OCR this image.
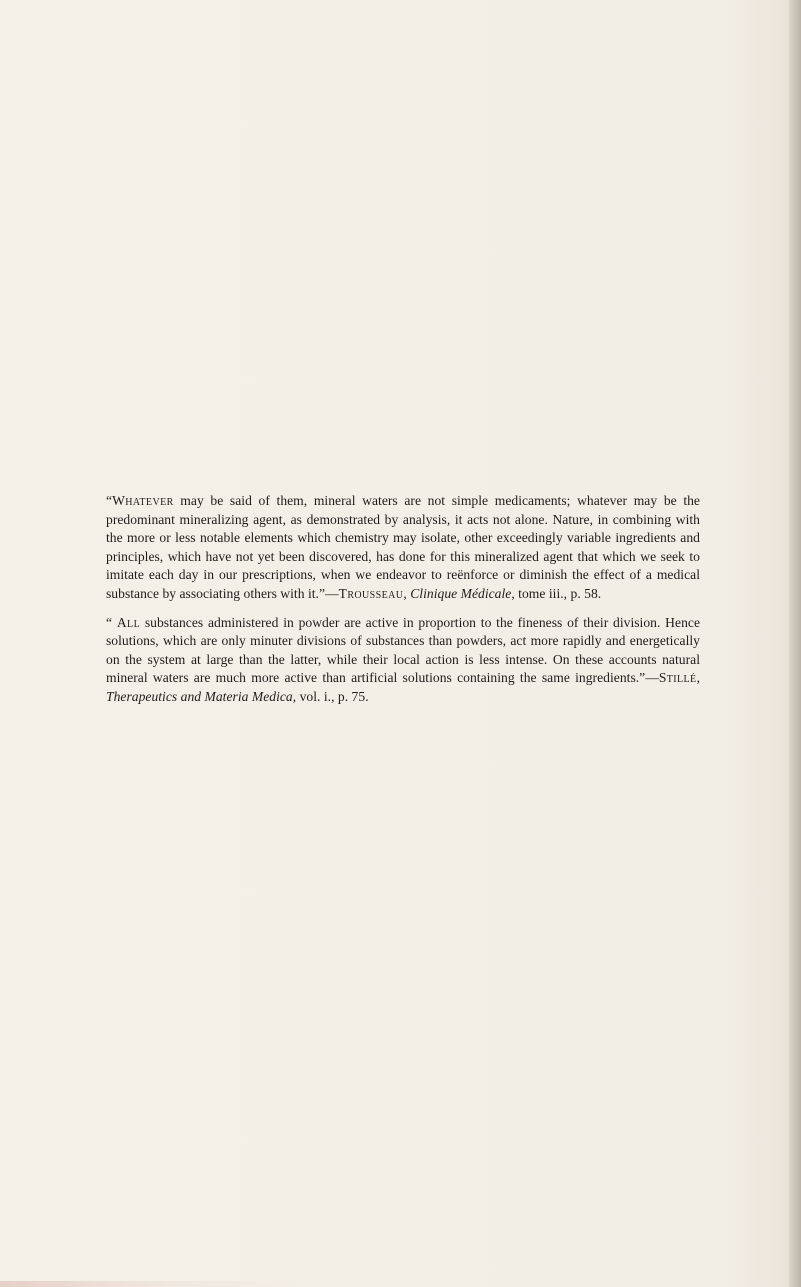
“Whatever may be said of them, mineral waters are not simple medicaments; whatever may be the predominant mineralizing agent, as demonstrated by analysis, it acts not alone. Nature, in combining with the more or less notable elements which chemistry may isolate, other exceedingly variable ingredients and principles, which have not yet been discovered, has done for this mineralized agent that which we seek to imitate each day in our prescriptions, when we endeavor to reënforce or diminish the effect of a medical substance by associating others with it.”—Trousseau, Clinique Médicale, tome iii., p. 58.

“ All substances administered in powder are active in proportion to the fineness of their division. Hence solutions, which are only minuter divisions of substances than powders, act more rapidly and energetically on the system at large than the latter, while their local action is less intense. On these accounts natural mineral waters are much more active than artificial solutions containing the same ingredients.”—Stillé, Therapeutics and Materia Medica, vol. i., p. 75.
